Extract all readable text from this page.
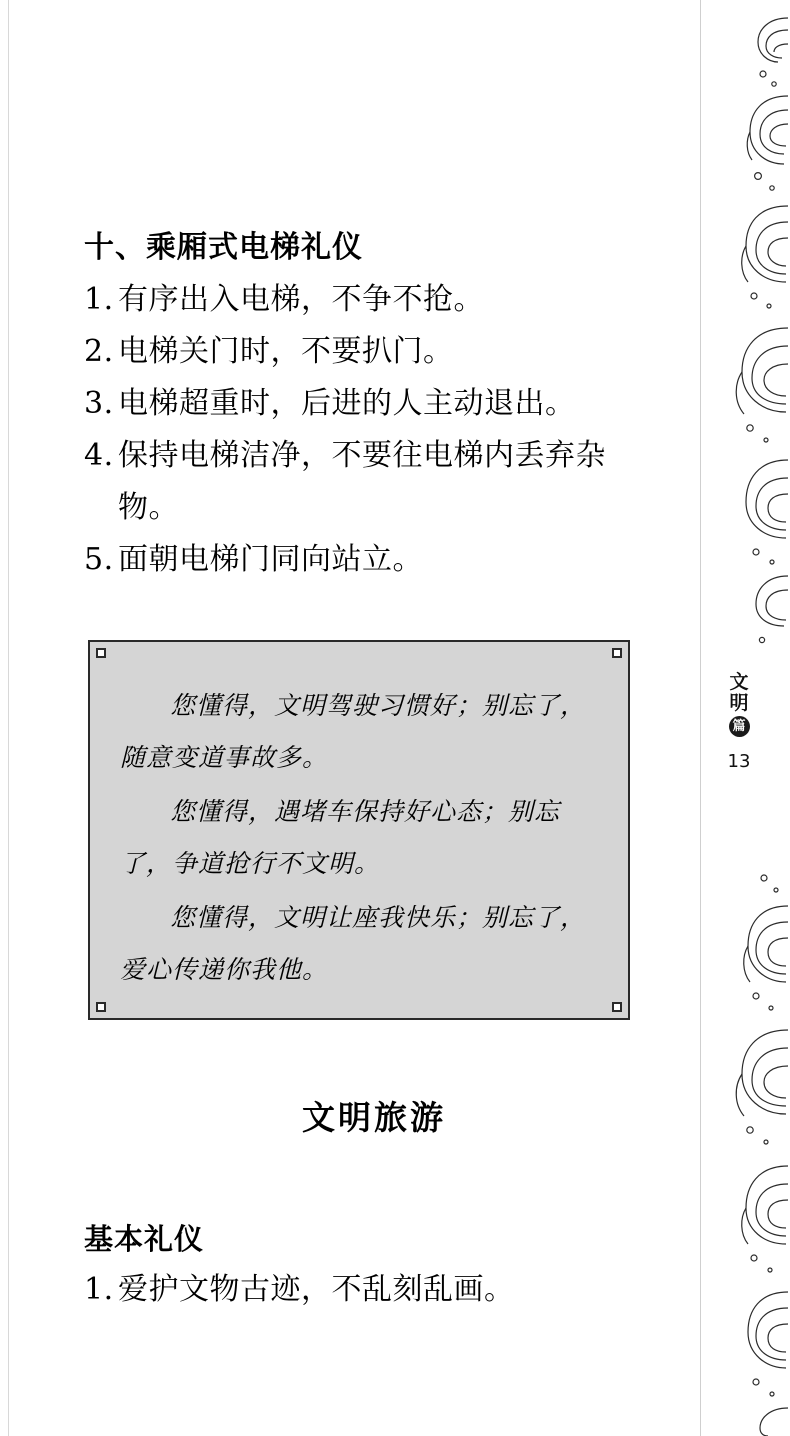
文
明
篇
13
十、乘厢式电梯礼仪
1. 有序出入电梯，不争不抢。
2. 电梯关门时，不要扒门。
3. 电梯超重时，后进的人主动退出。
4. 保持电梯洁净，不要往电梯内丢弃杂物。
5. 面朝电梯门同向站立。

您懂得，文明驾驶习惯好；别忘了，随意变道事故多。

您懂得，遇堵车保持好心态；别忘了，争道抢行不文明。

您懂得，文明让座我快乐；别忘了，爱心传递你我他。

文明旅游
基本礼仪
1. 爱护文物古迹，不乱刻乱画。
